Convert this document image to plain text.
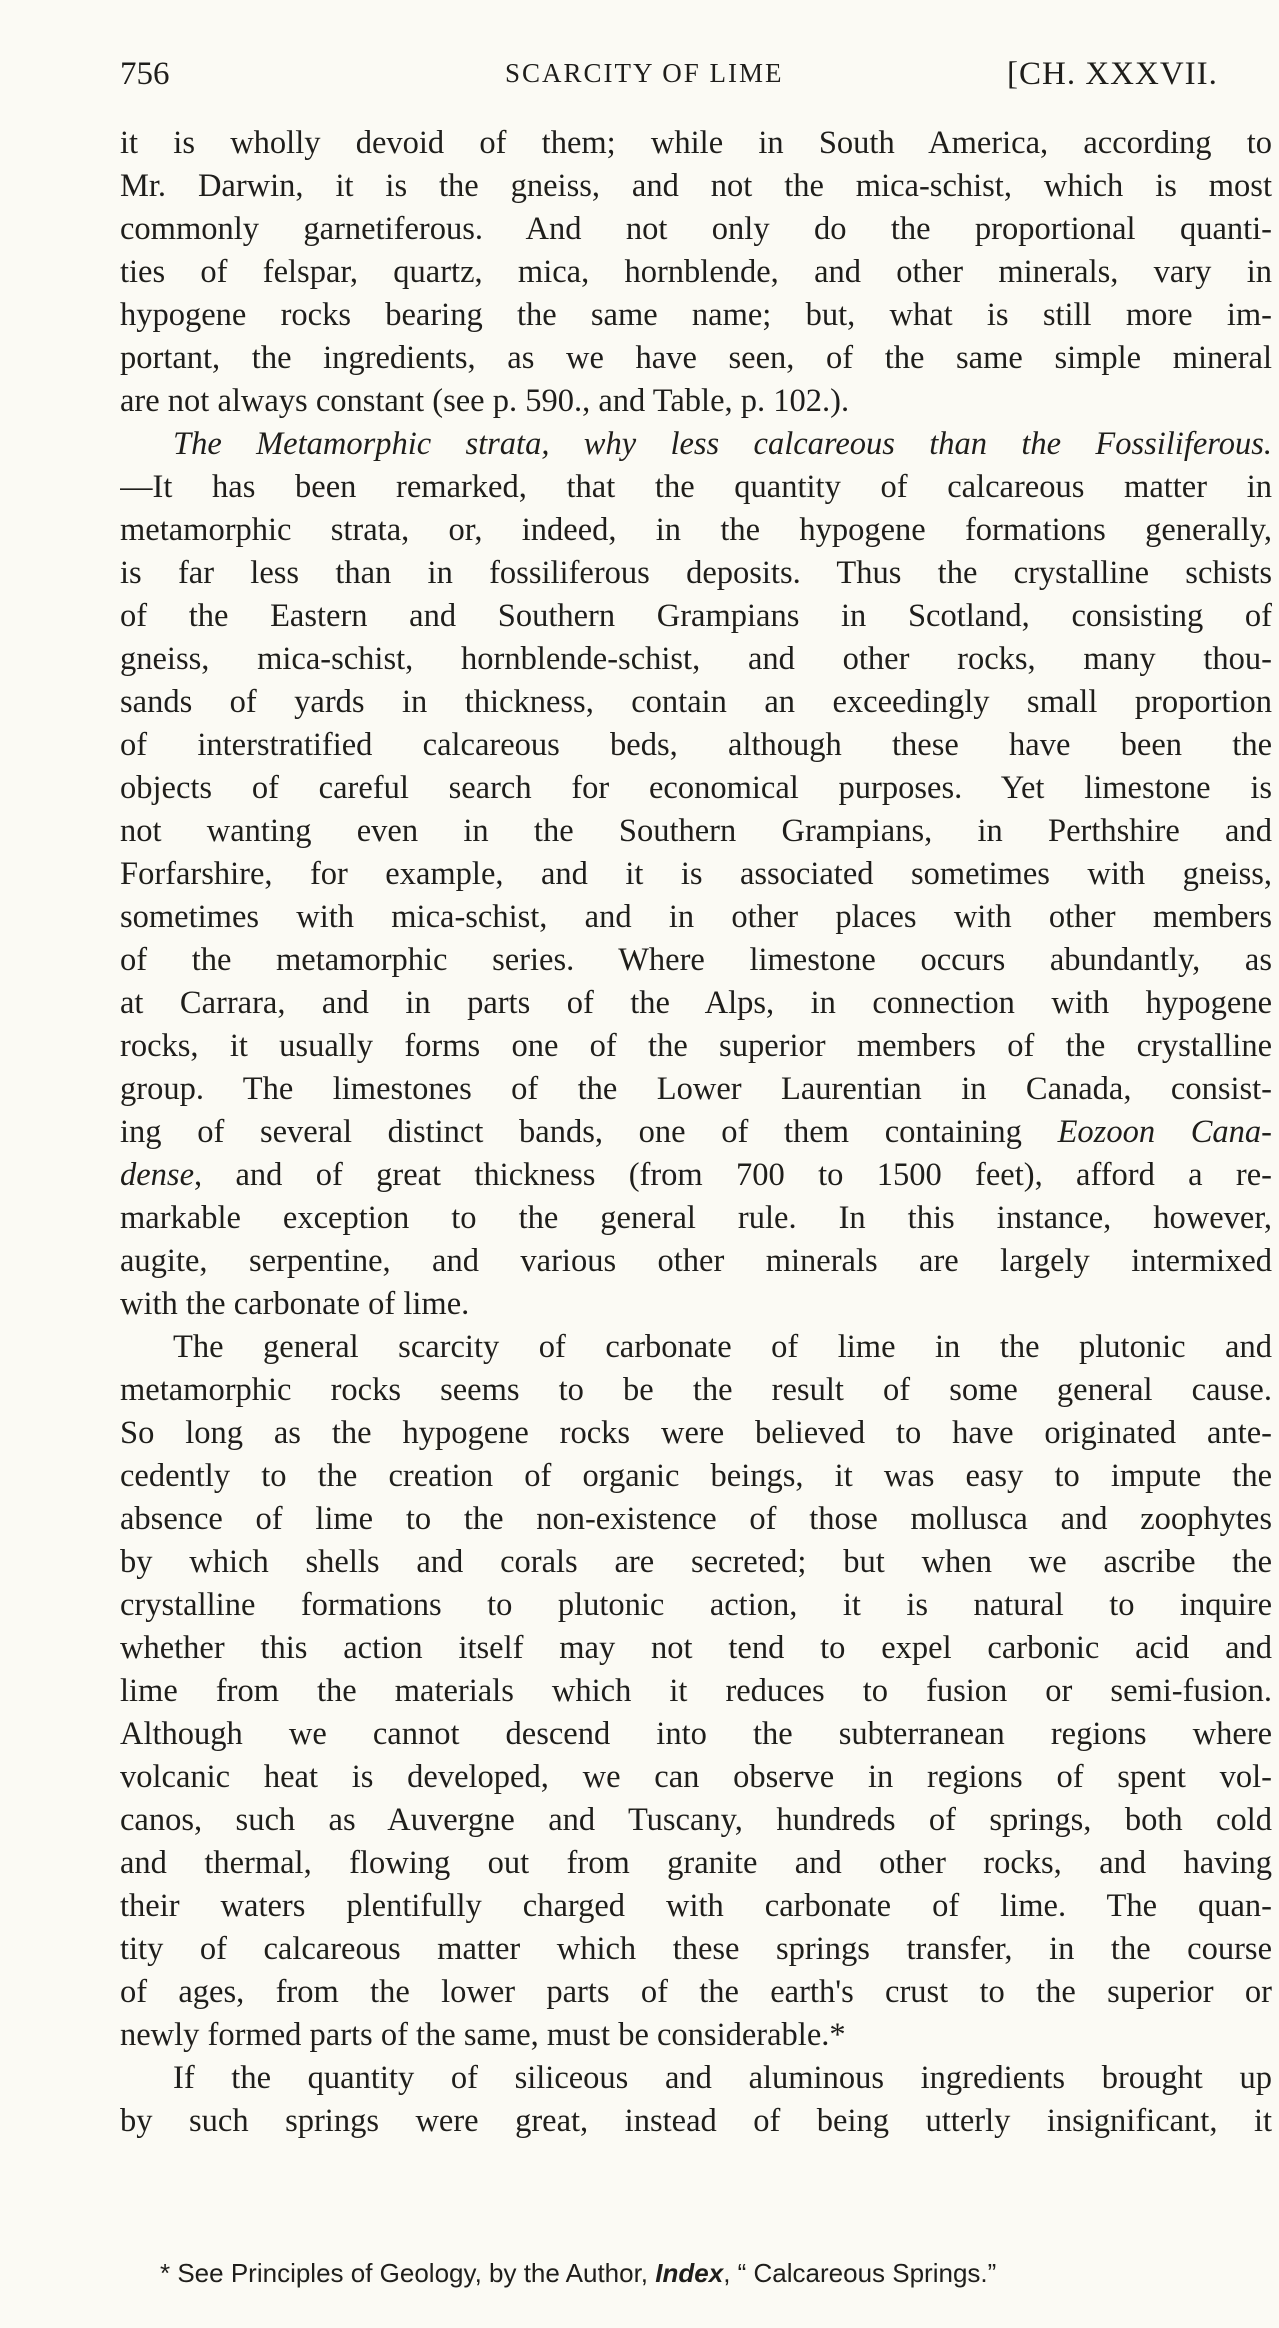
756	SCARCITY OF LIME	[CH. XXXVII.
it is wholly devoid of them; while in South America, according to
Mr. Darwin, it is the gneiss, and not the mica-schist, which is most
commonly garnetiferous. And not only do the proportional quanti-
ties of felspar, quartz, mica, hornblende, and other minerals, vary in
hypogene rocks bearing the same name; but, what is still more im-
portant, the ingredients, as we have seen, of the same simple mineral
are not always constant (see p. 590., and Table, p. 102.).
The Metamorphic strata, why less calcareous than the Fossiliferous.
—It has been remarked, that the quantity of calcareous matter in
metamorphic strata, or, indeed, in the hypogene formations generally,
is far less than in fossiliferous deposits. Thus the crystalline schists
of the Eastern and Southern Grampians in Scotland, consisting of
gneiss, mica-schist, hornblende-schist, and other rocks, many thou-
sands of yards in thickness, contain an exceedingly small proportion
of interstratified calcareous beds, although these have been the
objects of careful search for economical purposes. Yet limestone is
not wanting even in the Southern Grampians, in Perthshire and
Forfarshire, for example, and it is associated sometimes with gneiss,
sometimes with mica-schist, and in other places with other members
of the metamorphic series. Where limestone occurs abundantly, as
at Carrara, and in parts of the Alps, in connection with hypogene
rocks, it usually forms one of the superior members of the crystalline
group. The limestones of the Lower Laurentian in Canada, consist-
ing of several distinct bands, one of them containing Eozoon Cana-
dense, and of great thickness (from 700 to 1500 feet), afford a re-
markable exception to the general rule. In this instance, however,
augite, serpentine, and various other minerals are largely intermixed
with the carbonate of lime.
The general scarcity of carbonate of lime in the plutonic and
metamorphic rocks seems to be the result of some general cause.
So long as the hypogene rocks were believed to have originated ante-
cedently to the creation of organic beings, it was easy to impute the
absence of lime to the non-existence of those mollusca and zoophytes
by which shells and corals are secreted; but when we ascribe the
crystalline formations to plutonic action, it is natural to inquire
whether this action itself may not tend to expel carbonic acid and
lime from the materials which it reduces to fusion or semi-fusion.
Although we cannot descend into the subterranean regions where
volcanic heat is developed, we can observe in regions of spent vol-
canos, such as Auvergne and Tuscany, hundreds of springs, both cold
and thermal, flowing out from granite and other rocks, and having
their waters plentifully charged with carbonate of lime. The quan-
tity of calcareous matter which these springs transfer, in the course
of ages, from the lower parts of the earth's crust to the superior or
newly formed parts of the same, must be considerable.*
If the quantity of siliceous and aluminous ingredients brought up
by such springs were great, instead of being utterly insignificant, it
* See Principles of Geology, by the Author, Index, “ Calcareous Springs.”
